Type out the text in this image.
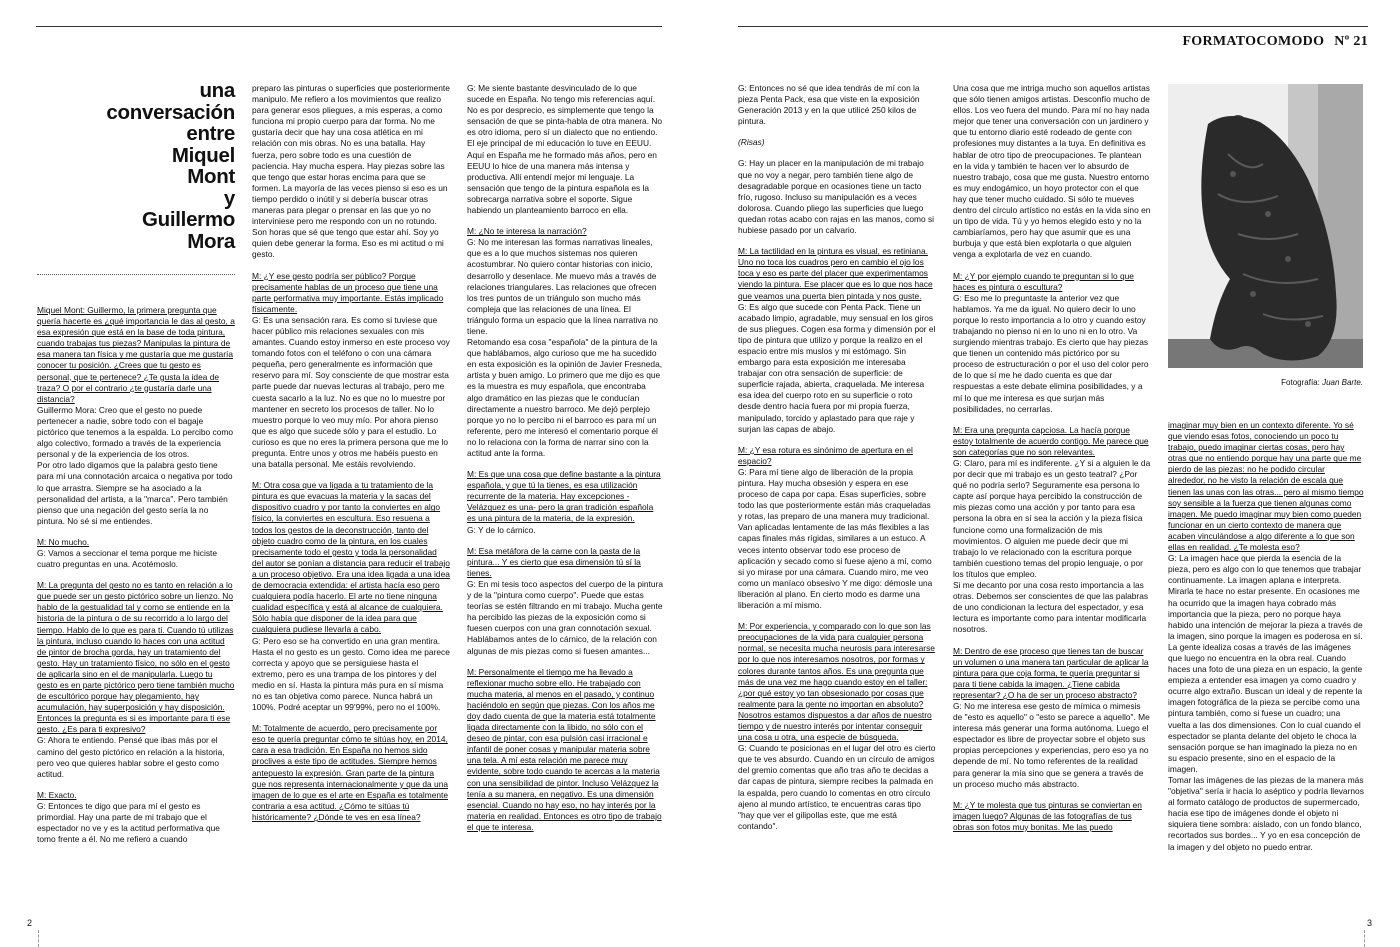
FORMATOCOMODO Nº 21
una
conversación
entre
Miquel
Mont
y
Guillermo
Mora

Miquel Mont: Guillermo, la primera pregunta que quería hacerte es ¿qué importancia le das al gesto, a esa expresión que está en la base de toda pintura, cuando trabajas tus piezas? Manipulas la pintura de esa manera tan física y me gustaría que me gustaría conocer tu posición. ¿Crees que tu gesto es personal, que te pertenece? ¿Te gusta la idea de traza? O por el contrario ¿te gustaría darle una distancia?

Guillermo Mora: Creo que el gesto no puede pertenecer a nadie, sobre todo con el bagaje pictórico que tenemos a la espalda. Lo percibo como algo colectivo, formado a través de la experiencia personal y de la experiencia de los otros.

Por otro lado digamos que la palabra gesto tiene para mí una connotación arcaica o negativa por todo lo que arrastra. Siempre se ha asociado a la personalidad del artista, a la "marca". Pero también pienso que una negación del gesto sería la no pintura. No sé si me entiendes.

M: No mucho.

G: Vamos a seccionar el tema porque me hiciste cuatro preguntas en una. Acotémoslo.

M: La pregunta del gesto no es tanto en relación a lo que puede ser un gesto pictórico sobre un lienzo. No hablo de la gestualidad tal y como se entiende en la historia de la pintura o de su recorrido a lo largo del tiempo. Hablo de lo que es para ti. Cuando tú utilizas la pintura, incluso cuando lo haces con una actitud de pintor de brocha gorda, hay un tratamiento del gesto. Hay un tratamiento físico, no sólo en el gesto de aplicarla sino en el de manipularla. Luego tu gesto es en parte pictórico pero tiene también mucho de escultórico porque hay plegamiento, hay acumulación, hay superposición y hay disposición. Entonces la pregunta es si es importante para ti ese gesto. ¿Es para ti expresivo?

G: Ahora te entiendo. Pensé que ibas más por el camino del gesto pictórico en relación a la historia, pero veo que quieres hablar sobre el gesto como actitud.

M: Exacto.

G: Entonces te digo que para mí el gesto es primordial. Hay una parte de mi trabajo que el espectador no ve y es la actitud performativa que tomo frente a él. No me refiero a cuando

preparo las pinturas o superficies que posteriormente manipulo. Me refiero a los movimientos que realizo para generar esos pliegues, a mis esperas, a como funciona mi propio cuerpo para dar forma. No me gustaría decir que hay una cosa atlética en mi relación con mis obras. No es una batalla. Hay fuerza, pero sobre todo es una cuestión de paciencia. Hay mucha espera. Hay piezas sobre las que tengo que estar horas encima para que se formen. La mayoría de las veces pienso si eso es un tiempo perdido o inútil y si debería buscar otras maneras para plegar o prensar en las que yo no interviniese pero me respondo con un no rotundo. Son horas que sé que tengo que estar ahí. Soy yo quien debe generar la forma. Eso es mi actitud o mi gesto.

M: ¿Y ese gesto podría ser público? Porque precisamente hablas de un proceso que tiene una parte performativa muy importante. Estás implicado físicamente.

G: Es una sensación rara. Es como si tuviese que hacer público mis relaciones sexuales con mis amantes. Cuando estoy inmerso en este proceso voy tomando fotos con el teléfono o con una cámara pequeña, pero generalmente es información que reservo para mí. Soy consciente de que mostrar esta parte puede dar nuevas lecturas al trabajo, pero me cuesta sacarlo a la luz. No es que no lo muestre por mantener en secreto los procesos de taller. No lo muestro porque lo veo muy mío. Por ahora pienso que es algo que sucede sólo y para el estudio. Lo curioso es que no eres la primera persona que me lo pregunta. Entre unos y otros me habéis puesto en una batalla personal. Me estáis revolviendo.

M: Otra cosa que va ligada a tu tratamiento de la pintura es que evacuas la materia y la sacas del dispositivo cuadro y por tanto la conviertes en algo físico, la conviertes en escultura. Eso resuena a todos los gestos de la deconstrucción, tanto del objeto cuadro como de la pintura, en los cuales precisamente todo el gesto y toda la personalidad del autor se ponían a distancia para reducir el trabajo a un proceso objetivo. Era una idea ligada a una idea de democracia extendida: el artista hacía eso pero cualquiera podía hacerlo. El arte no tiene ninguna cualidad específica y está al alcance de cualquiera. Sólo había que disponer de la idea para que cualquiera pudiese llevarla a cabo.

G: Pero eso se ha convertido en una gran mentira. Hasta el no gesto es un gesto. Como idea me parece correcta y apoyo que se persiguiese hasta el extremo, pero es una trampa de los pintores y del medio en sí. Hasta la pintura más pura en sí misma no es tan objetiva como parece. Nunca habrá un 100%. Podré aceptar un 99'99%, pero no el 100%.

M: Totalmente de acuerdo, pero precisamente por eso te quería preguntar cómo te sitúas hoy, en 2014, cara a esa tradición. En España no hemos sido proclives a este tipo de actitudes. Siempre hemos antepuesto la expresión. Gran parte de la pintura que nos representa internacionalmente y que da una imagen de lo que es el arte en España es totalmente contraria a esa actitud. ¿Cómo te sitúas tú históricamente? ¿Dónde te ves en esa línea?

G: Me siente bastante desvinculado de lo que sucede en España. No tengo mis referencias aquí. No es por desprecio, es simplemente que tengo la sensación de que se pinta-habla de otra manera. No es otro idioma, pero sí un dialecto que no entiendo. El eje principal de mi educación lo tuve en EEUU. Aquí en España me he formado más años, pero en EEUU lo hice de una manera más intensa y productiva. Allí entendí mejor mi lenguaje. La sensación que tengo de la pintura española es la sobrecarga narrativa sobre el soporte. Sigue habiendo un planteamiento barroco en ella.

M: ¿No te interesa la narración?

G: No me interesan las formas narrativas lineales, que es a lo que muchos sistemas nos quieren acostumbrar. No quiero contar historias con inicio, desarrollo y desenlace. Me muevo más a través de relaciones triangulares. Las relaciones que ofrecen los tres puntos de un triángulo son mucho más compleja que las relaciones de una línea. El triángulo forma un espacio que la línea narrativa no tiene.

Retomando esa cosa "española" de la pintura de la que hablábamos, algo curioso que me ha sucedido en esta exposición es la opinión de Javier Fresneda, artista y buen amigo. Lo primero que me dijo es que es la muestra es muy española, que encontraba algo dramático en las piezas que le conducían directamente a nuestro barroco. Me dejó perplejo porque yo no lo percibo ni el barroco es para mí un referente, pero me interesó el comentario porque él no lo relaciona con la forma de narrar sino con la actitud ante la forma.

M: Es que una cosa que define bastante a la pintura española, y que tú la tienes, es esa utilización recurrente de la materia. Hay excepciones -Velázquez es una- pero la gran tradición española es una pintura de la materia, de la expresión.

G: Y de lo cárnico.

M: Esa metáfora de la carne con la pasta de la pintura... Y es cierto que esa dimensión tú sí la tienes.

G: En mi tesis toco aspectos del cuerpo de la pintura y de la "pintura como cuerpo". Puede que estas teorías se estén filtrando en mi trabajo. Mucha gente ha percibido las piezas de la exposición como si fuesen cuerpos con una gran connotación sexual. Hablábamos antes de lo cárnico, de la relación con algunas de mis piezas como si fuesen amantes...

M: Personalmente el tiempo me ha llevado a reflexionar mucho sobre ello. He trabajado con mucha materia, al menos en el pasado, y continuo haciéndolo en según que piezas. Con los años me doy dado cuenta de que la materia está totalmente ligada directamente con la libido, no sólo con el deseo de pintar, con esa pulsión casi irracional e infantil de poner cosas y manipular materia sobre una tela. A mí esta relación me parece muy evidente, sobre todo cuando te acercas a la materia con una sensibilidad de pintor. Incluso Velázquez la tenía a su manera, en negativo. Es una dimensión esencial. Cuando no hay eso, no hay interés por la materia en realidad. Entonces es otro tipo de trabajo el que te interesa.

G: Entonces no sé que idea tendrás de mí con la pieza Penta Pack, esa que viste en la exposición Generación 2013 y en la que utilicé 250 kilos de pintura.

(Risas)

G: Hay un placer en la manipulación de mi trabajo que no voy a negar, pero también tiene algo de desagradable porque en ocasiones tiene un tacto frío, rugoso. Incluso su manipulación es a veces dolorosa. Cuando pliego las superficies que luego quedan rotas acabo con rajas en las manos, como si hubiese pasado por un calvario.

M: La tactilidad en la pintura es visual, es retiniana. Uno no toca los cuadros pero en cambio el ojo los toca y eso es parte del placer que experimentamos viendo la pintura. Ese placer que es lo que nos hace que veamos una puerta bien pintada y nos guste.

G: Es algo que sucede con Penta Pack. Tiene un acabado limpio, agradable, muy sensual en los giros de sus pliegues. Cogen esa forma y dimensión por el tipo de pintura que utilizo y porque la realizo en el espacio entre mis muslos y mi estómago. Sin embargo para esta exposición me interesaba trabajar con otra sensación de superficie: de superficie rajada, abierta, craquelada. Me interesa esa idea del cuerpo roto en su superficie o roto desde dentro hacia fuera por mi propia fuerza, manipulado, torcido y aplastado para que raje y surjan las capas de abajo.

M: ¿Y esa rotura es sinónimo de apertura en el espacio?

G: Para mí tiene algo de liberación de la propia pintura. Hay mucha obsesión y espera en ese proceso de capa por capa. Esas superficies, sobre todo las que posteriormente están más craqueladas y rotas, las preparo de una manera muy tradicional. Van aplicadas lentamente de las más flexibles a las capas finales más rígidas, similares a un estuco. A veces intento observar todo ese proceso de aplicación y secado como si fuese ajeno a mí, como si yo mirase por una cámara. Cuando miro, me veo como un maníaco obsesivo Y me digo: démosle una liberación al plano. En cierto modo es darme una liberación a mí mismo.

M: Por experiencia, y comparado con lo que son las preocupaciones de la vida para cualquier persona normal, se necesita mucha neurosis para interesarse por lo que nos interesamos nosotros, por formas y colores durante tantos años. Es una pregunta que más de una vez me hago cuando estoy en el taller: ¿por qué estoy yo tan obsesionado por cosas que realmente para la gente no importan en absoluto? Nosotros estamos dispuestos a dar años de nuestro tiempo y de nuestro interés por intentar conseguir una cosa u otra, una especie de búsqueda.

G: Cuando te posicionas en el lugar del otro es cierto que te ves absurdo. Cuando en un círculo de amigos del gremio comentas que año tras año te decidas a dar capas de pintura, siempre recibes la palmada en la espalda, pero cuando lo comentas en otro círculo ajeno al mundo artístico, te encuentras caras tipo "hay que ver el gilipollas este, que me está contando".

Una cosa que me intriga mucho son aquellos artistas que sólo tienen amigos artistas. Desconfío mucho de ellos. Los veo fuera del mundo. Para mí no hay nada mejor que tener una conversación con un jardinero y que tu entorno diario esté rodeado de gente con profesiones muy distantes a la tuya. En definitiva es hablar de otro tipo de preocupaciones. Te plantean en la vida y también te hacen ver lo absurdo de nuestro trabajo, cosa que me gusta. Nuestro entorno es muy endogámico, un hoyo protector con el que hay que tener mucho cuidado. Si sólo te mueves dentro del círculo artístico no estás en la vida sino en un tipo de vida. Tú y yo hemos elegido esto y no la cambiaríamos, pero hay que asumir que es una burbuja y que está bien explotarla o que alguien venga a explotarla de vez en cuando.

M: ¿Y por ejemplo cuando te preguntan si lo que haces es pintura o escultura?

G: Eso me lo preguntaste la anterior vez que hablamos. Ya me da igual. No quiero decir lo uno porque lo resto importancia a lo otro y cuando estoy trabajando no pienso ni en lo uno ni en lo otro. Va surgiendo mientras trabajo. Es cierto que hay piezas que tienen un contenido más pictórico por su proceso de estructuración o por el uso del color pero de lo que sí me he dado cuenta es que dar respuestas a este debate elimina posibilidades, y a mí lo que me interesa es que surjan más posibilidades, no cerrarlas.

M: Era una pregunta capciosa. La hacía porque estoy totalmente de acuerdo contigo. Me parece que son categorías que no son relevantes.

G: Claro, para mí es indiferente. ¿Y si a alguien le da por decir que mi trabajo es un gesto teatral? ¿Por qué no podría serlo? Seguramente esa persona lo capte así porque haya percibido la construcción de mis piezas como una acción y por tanto para esa persona la obra en sí sea la acción y la pieza física funcione como una formalización de mis movimientos. O alguien me puede decir que mi trabajo lo ve relacionado con la escritura porque también cuestiono temas del propio lenguaje, o por los títulos que empleo.

Si me decanto por una cosa resto importancia a las otras. Debemos ser conscientes de que las palabras de uno condicionan la lectura del espectador, y esa lectura es importante como para intentar modificarla nosotros.

M: Dentro de ese proceso que tienes tan de buscar un volumen o una manera tan particular de aplicar la pintura para que coja forma, te quería preguntar si para ti tiene cabida la imagen. ¿Tiene cabida representar? ¿O ha de ser un proceso abstracto?

G: No me interesa ese gesto de mímica o mimesis de "esto es aquello" o "esto se parece a aquello". Me interesa más generar una forma autónoma. Luego el espectador es libre de proyectar sobre el objeto sus propias percepciones y experiencias, pero eso ya no depende de mí. No tomo referentes de la realidad para generar la mía sino que se genera a través de un proceso mucho más abstracto.

M: ¿Y te molesta que tus pinturas se conviertan en imagen luego? Algunas de las fotografías de tus obras son fotos muy bonitas. Me las puedo

Fotografía: Juan Barte.

imaginar muy bien en un contexto diferente. Yo sé que viendo esas fotos, conociendo un poco tu trabajo, puedo imaginar ciertas cosas, pero hay otras que no entiendo porque hay una parte que me pierdo de las piezas: no he podido circular alrededor, no he visto la relación de escala que tienen las unas con las otras... pero al mismo tiempo soy sensible a la fuerza que tienen algunas como imagen. Me puedo imaginar muy bien como pueden funcionar en un cierto contexto de manera que acaben vinculándose a algo diferente a lo que son ellas en realidad. ¿Te molesta eso?

G: La imagen hace que pierda la esencia de la pieza, pero es algo con lo que tenemos que trabajar continuamente. La imagen aplana e interpreta. Mirarla te hace no estar presente. En ocasiones me ha ocurrido que la imagen haya cobrado más importancia que la pieza, pero no porque haya habido una intención de mejorar la pieza a través de la imagen, sino porque la imagen es poderosa en sí.

La gente idealiza cosas a través de las imágenes que luego no encuentra en la obra real. Cuando haces una foto de una pieza en un espacio, la gente empieza a entender esa imagen ya como cuadro y ocurre algo extraño. Buscan un ideal y de repente la imagen fotográfica de la pieza se percibe como una pintura también, como si fuese un cuadro; una vuelta a las dos dimensiones. Con lo cual cuando el espectador se planta delante del objeto le choca la sensación porque se han imaginado la pieza no en su espacio presente, sino en el espacio de la imagen.

Tomar las imágenes de las piezas de la manera más "objetiva" sería ir hacia lo aséptico y podría llevarnos al formato catálogo de productos de supermercado, hacia ese tipo de imágenes donde el objeto ni siquiera tiene sombra: aislado, con un fondo blanco, recortados sus bordes... Y yo en esa concepción de la imagen y del objeto no puedo entrar.

2	3
